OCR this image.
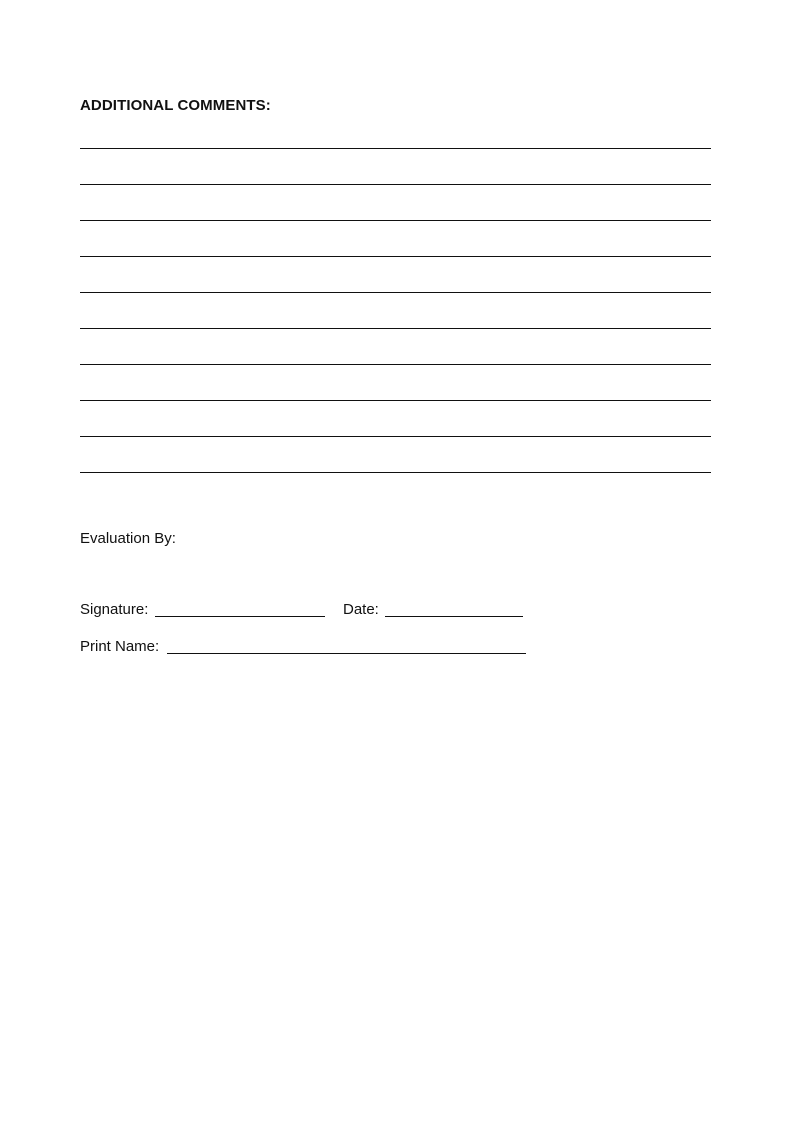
ADDITIONAL COMMENTS:
Evaluation By:
Signature:	Date:
Print Name:
